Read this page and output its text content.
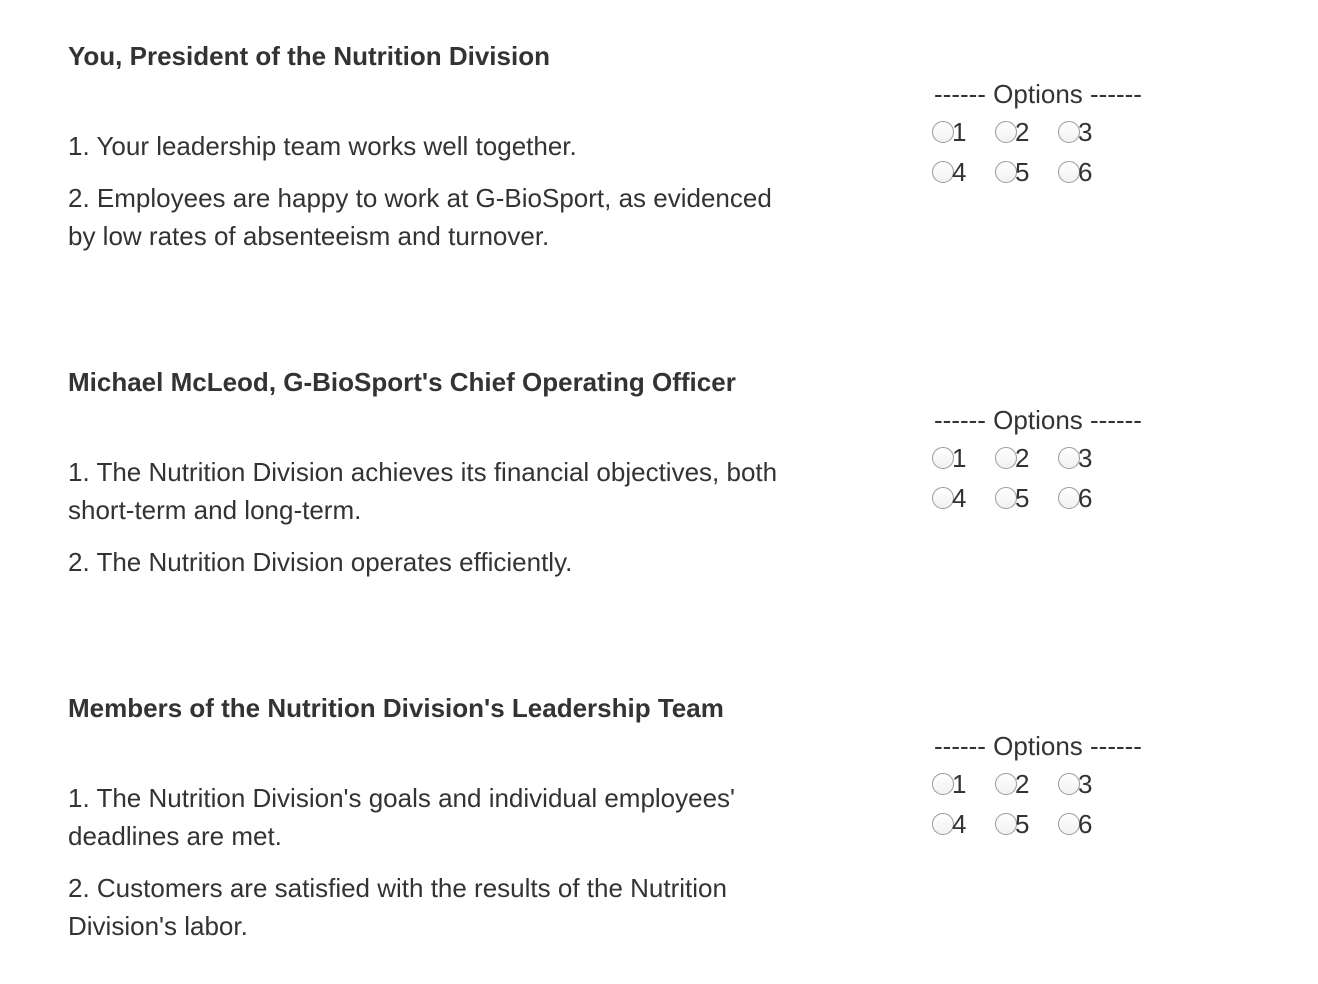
You, President of the Nutrition Division

1. Your leadership team works well together.

2. Employees are happy to work at G-BioSport, as evidenced by low rates of absenteeism and turnover.

------ Options ------
1 2 3
4 5 6
Michael McLeod, G-BioSport's Chief Operating Officer

1. The Nutrition Division achieves its financial objectives, both short-term and long-term.

2. The Nutrition Division operates efficiently.

------ Options ------
1 2 3
4 5 6
Members of the Nutrition Division's Leadership Team

1. The Nutrition Division's goals and individual employees' deadlines are met.

2. Customers are satisfied with the results of the Nutrition Division's labor.

------ Options ------
1 2 3
4 5 6
